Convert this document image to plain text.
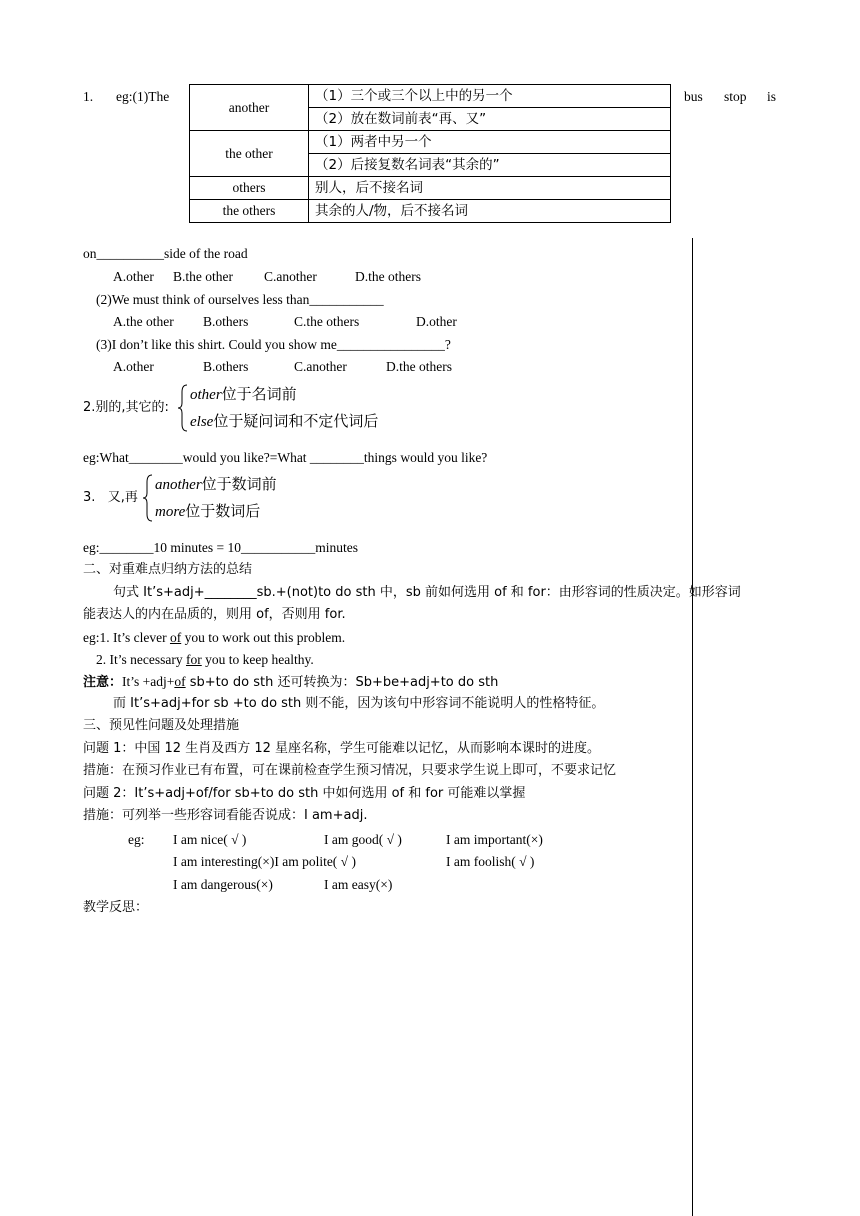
1. eg:(1)The	bus stop is
another	（1）三个或三个以上中的另一个
	（2）放在数词前表“再、又”
the other	（1）两者中另一个
	（2）后接复数名词表“其余的”
others	别人，后不接名词
the others	其余的人/物，后不接名词
on__________side of the road
A.other B.the other C.another	D.the others
(2)We must think of ourselves less than___________
A.the other B.others	C.the others	D.other
(3)I don’t like this shirt. Could you show me________________?
A.other	B.others	C.another	D.the others
2.别的,其它的:
other位于名词前
else位于疑问词和不定代词后
eg:What________would you like?=What ________things would you like?
3.   又,再
another位于数词前
more位于数词后
eg:________10 minutes = 10___________minutes
二、对重难点归纳方法的总结
句式 It’s+adj+________sb.+(not)to do sth 中，sb 前如何选用 of 和 for：由形容词的性质决定。如形容词
能表达人的内在品质的，则用 of，否则用 for.
eg:1. It’s clever of you to work out this problem.
2. It’s necessary for you to keep healthy.
注意：It’s +adj+of sb+to do sth 还可转换为：Sb+be+adj+to do sth
而 It’s+adj+for sb +to do sth 则不能，因为该句中形容词不能说明人的性格特征。
三、预见性问题及处理措施
问题 1：中国 12 生肖及西方 12 星座名称，学生可能难以记忆，从而影响本课时的进度。
措施：在预习作业已有布置，可在课前检查学生预习情况，只要求学生说上即可，不要求记忆
问题 2：It’s+adj+of/for sb+to do sth 中如何选用 of 和 for 可能难以掌握
措施：可列举一些形容词看能否说成：I am+adj.
eg: I am nice( √ )	I am good( √ )	I am important(×)
I am interesting(×)I am polite( √ )	I am foolish( √ )
I am dangerous(×)	I am easy(×)
教学反思：
